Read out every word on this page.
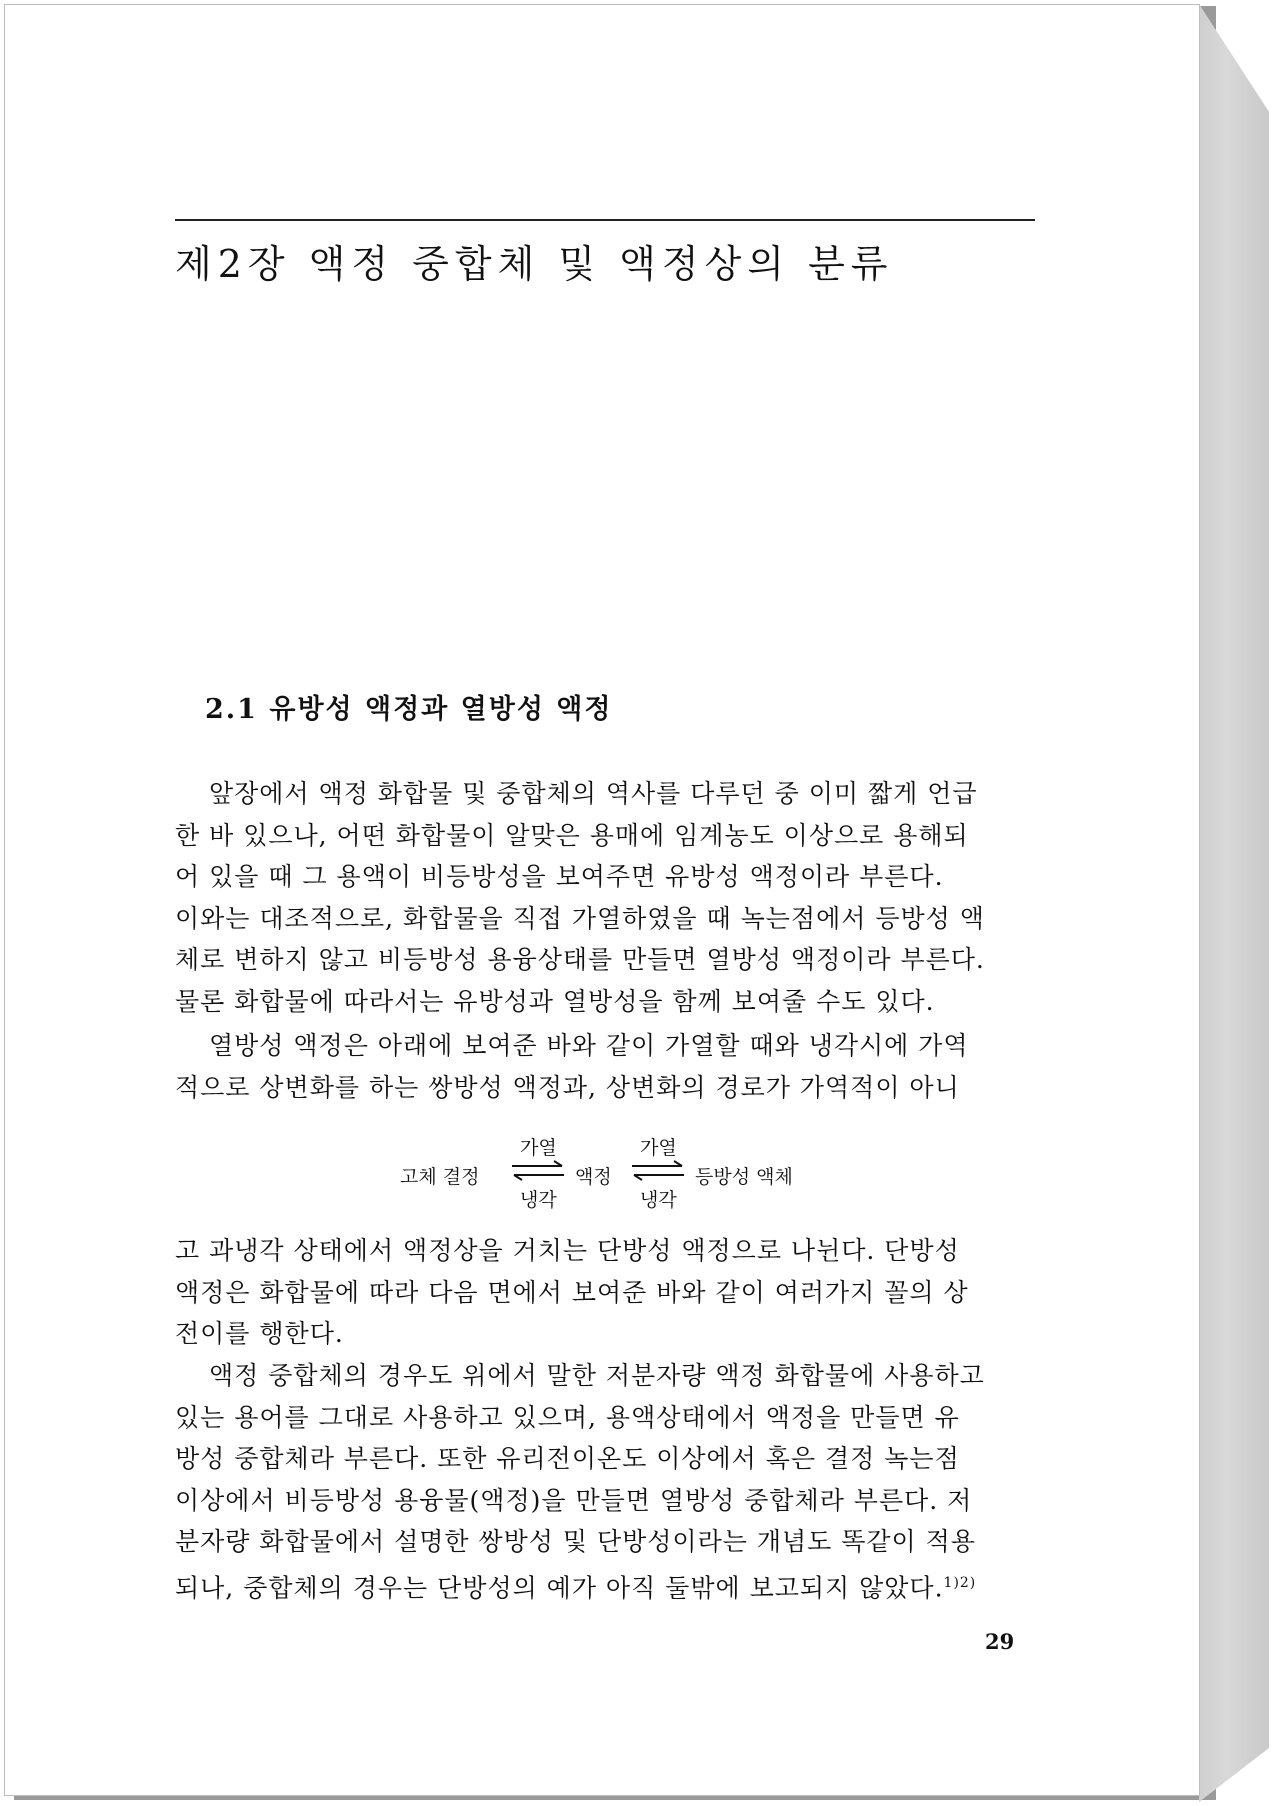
제2장 액정 중합체 및 액정상의 분류
2.1 유방성 액정과 열방성 액정
앞장에서 액정 화합물 및 중합체의 역사를 다루던 중 이미 짧게 언급
한 바 있으나, 어떤 화합물이 알맞은 용매에 임계농도 이상으로 용해되
어 있을 때 그 용액이 비등방성을 보여주면 유방성 액정이라 부른다.
이와는 대조적으로, 화합물을 직접 가열하였을 때 녹는점에서 등방성 액
체로 변하지 않고 비등방성 용융상태를 만들면 열방성 액정이라 부른다.
물론 화합물에 따라서는 유방성과 열방성을 함께 보여줄 수도 있다.
열방성 액정은 아래에 보여준 바와 같이 가열할 때와 냉각시에 가역
적으로 상변화를 하는 쌍방성 액정과, 상변화의 경로가 가역적이 아니
고체 결정
가열
냉각
액정
가열
냉각
등방성 액체
고 과냉각 상태에서 액정상을 거치는 단방성 액정으로 나뉜다. 단방성
액정은 화합물에 따라 다음 면에서 보여준 바와 같이 여러가지 꼴의 상
전이를 행한다.
액정 중합체의 경우도 위에서 말한 저분자량 액정 화합물에 사용하고
있는 용어를 그대로 사용하고 있으며, 용액상태에서 액정을 만들면 유
방성 중합체라 부른다. 또한 유리전이온도 이상에서 혹은 결정 녹는점
이상에서 비등방성 용융물(액정)을 만들면 열방성 중합체라 부른다. 저
분자량 화합물에서 설명한 쌍방성 및 단방성이라는 개념도 똑같이 적용
되나, 중합체의 경우는 단방성의 예가 아직 둘밖에 보고되지 않았다.$^{1)2)}$
29
